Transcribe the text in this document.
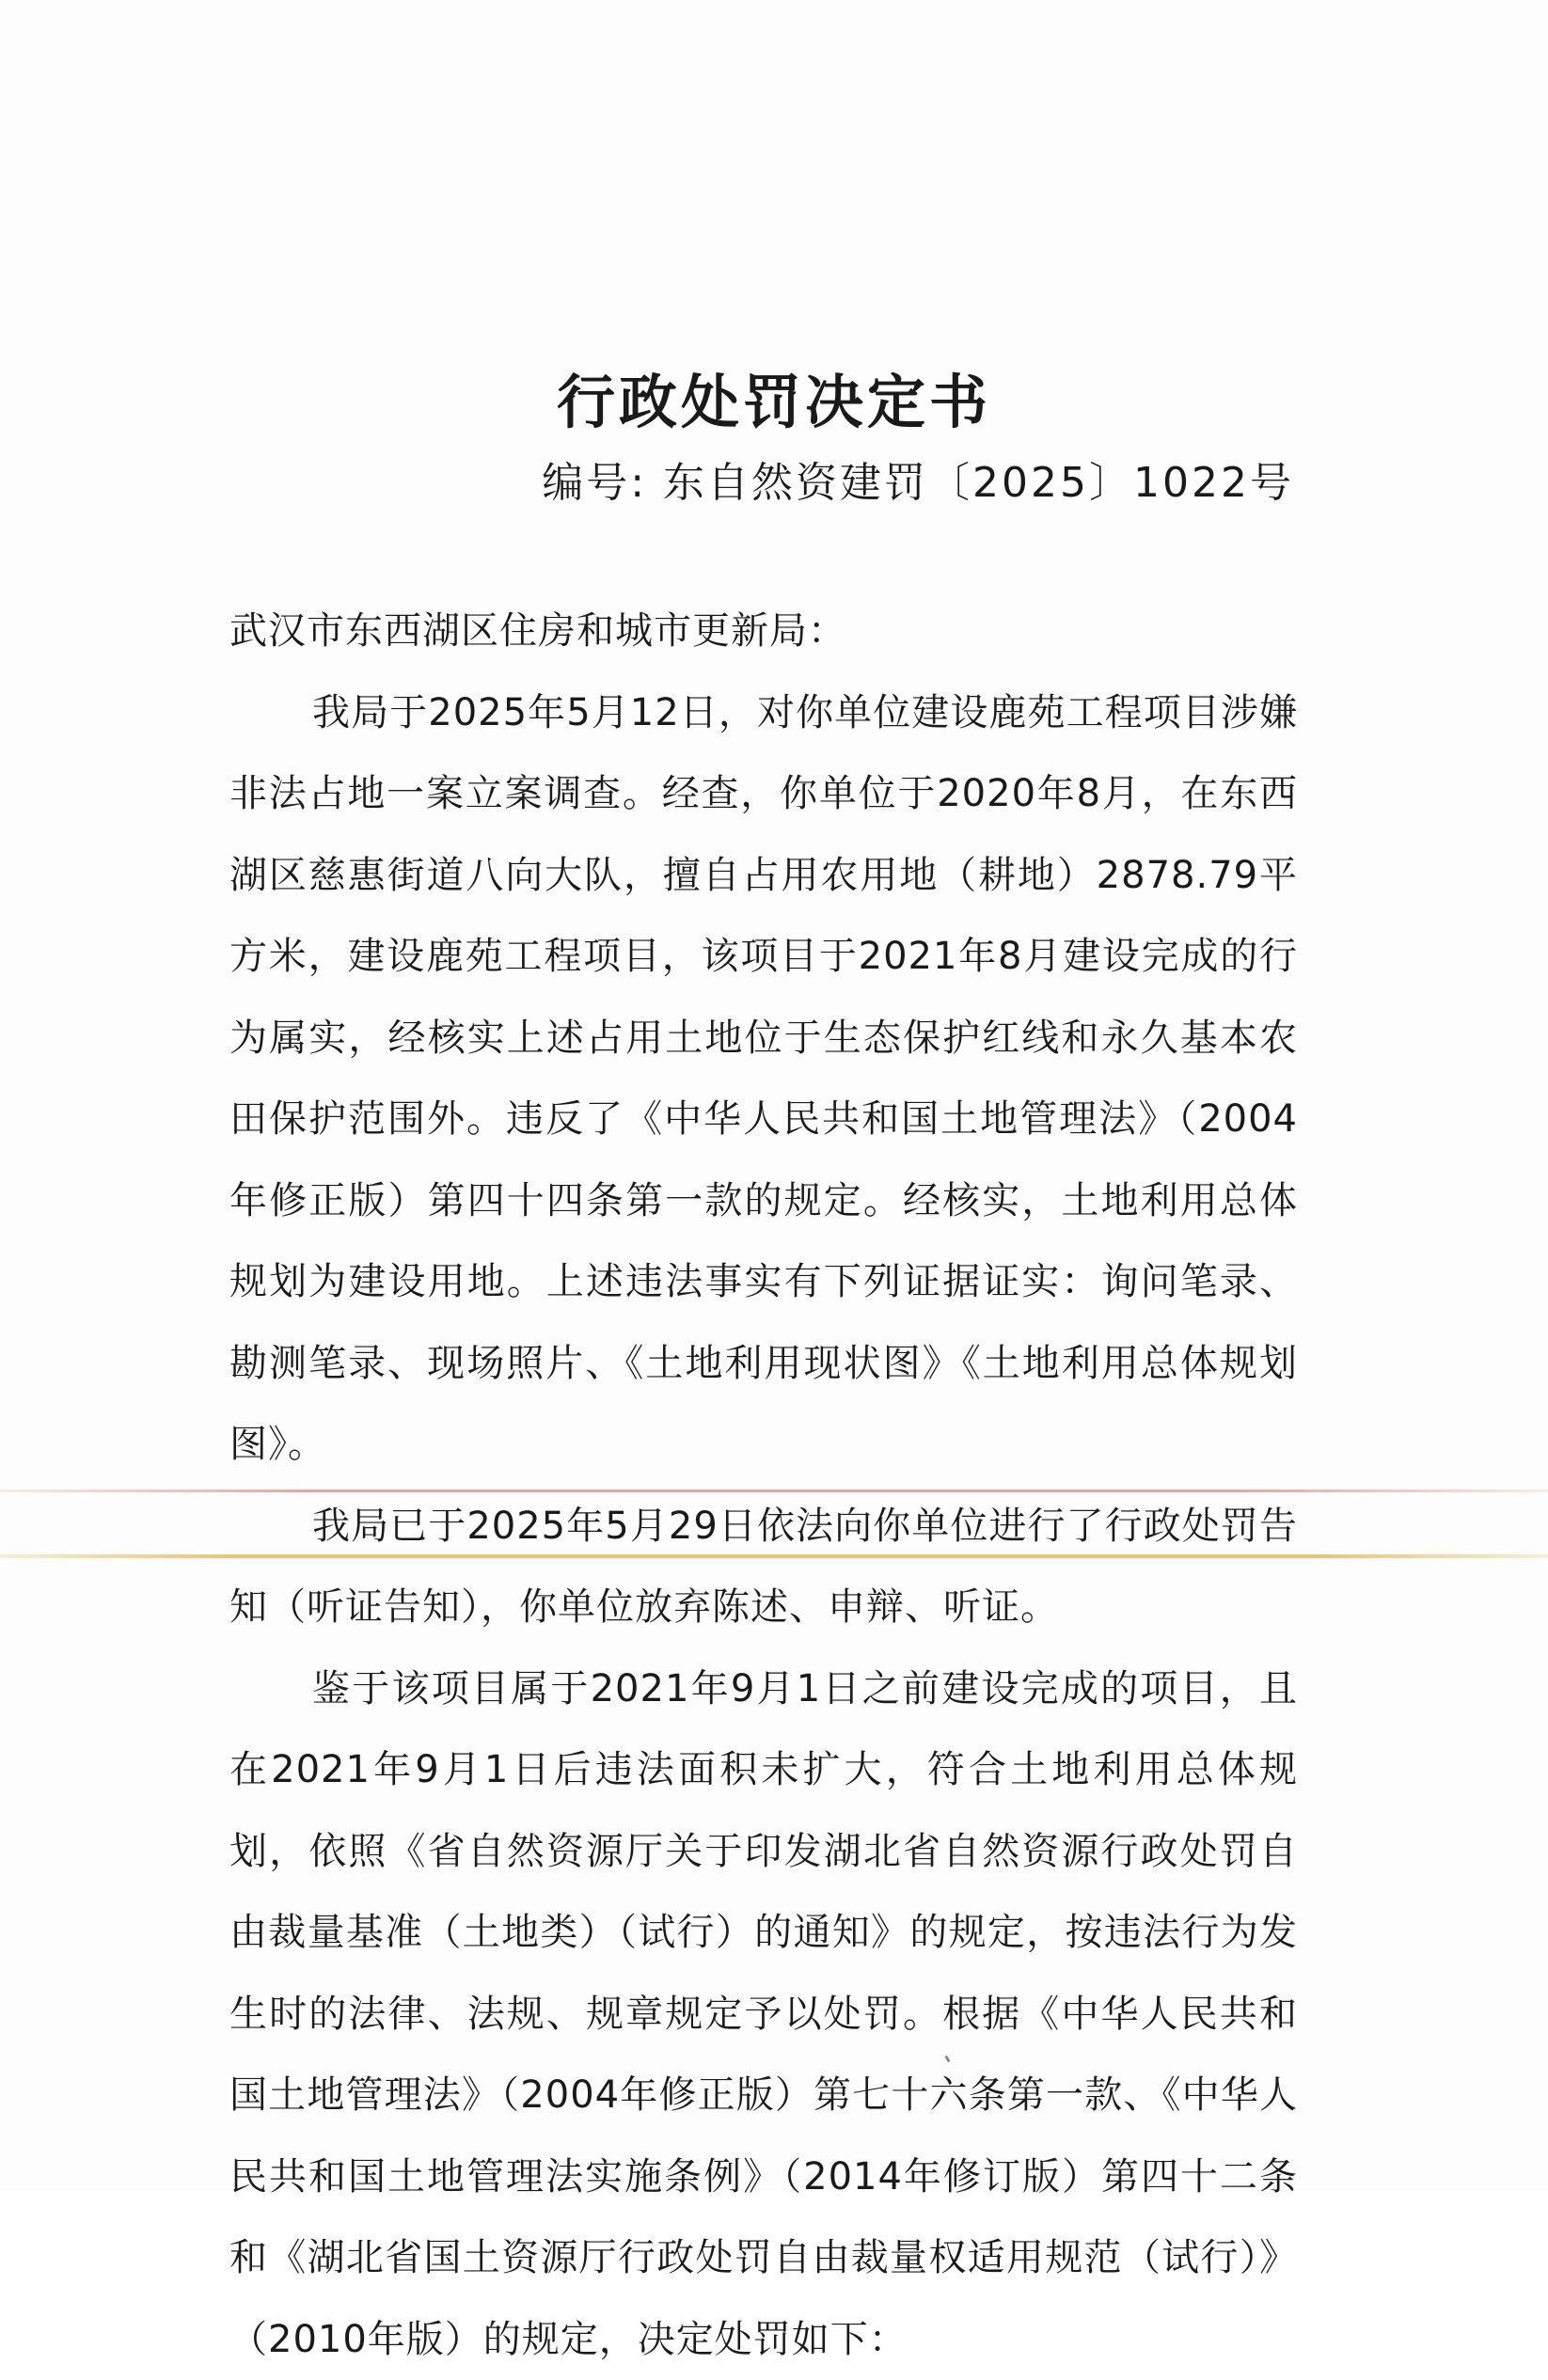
行政处罚决定书
编号: 东自然资建罚〔2025〕1022号

武汉市东西湖区住房和城市更新局：

我局于2025年5月12日，对你单位建设鹿苑工程项目涉嫌非法占地一案立案调查。经查，你单位于2020年8月，在东西湖区慈惠街道八向大队，擅自占用农用地（耕地）2878.79平方米，建设鹿苑工程项目，该项目于2021年8月建设完成的行为属实，经核实上述占用土地位于生态保护红线和永久基本农田保护范围外。违反了《中华人民共和国土地管理法》（2004年修正版）第四十四条第一款的规定。经核实，土地利用总体规划为建设用地。上述违法事实有下列证据证实：询问笔录、勘测笔录、现场照片、《土地利用现状图》《土地利用总体规划图》。

我局已于2025年5月29日依法向你单位进行了行政处罚告知（听证告知），你单位放弃陈述、申辩、听证。

鉴于该项目属于2021年9月1日之前建设完成的项目，且在2021年9月1日后违法面积未扩大，符合土地利用总体规划，依照《省自然资源厅关于印发湖北省自然资源行政处罚自由裁量基准（土地类）（试行）的通知》的规定，按违法行为发生时的法律、法规、规章规定予以处罚。根据《中华人民共和国土地管理法》（2004年修正版）第七十六条第一款、《中华人民共和国土地管理法实施条例》（2014年修订版）第四十二条和《湖北省国土资源厅行政处罚自由裁量权适用规范（试行）》（2010年版）的规定，决定处罚如下：
